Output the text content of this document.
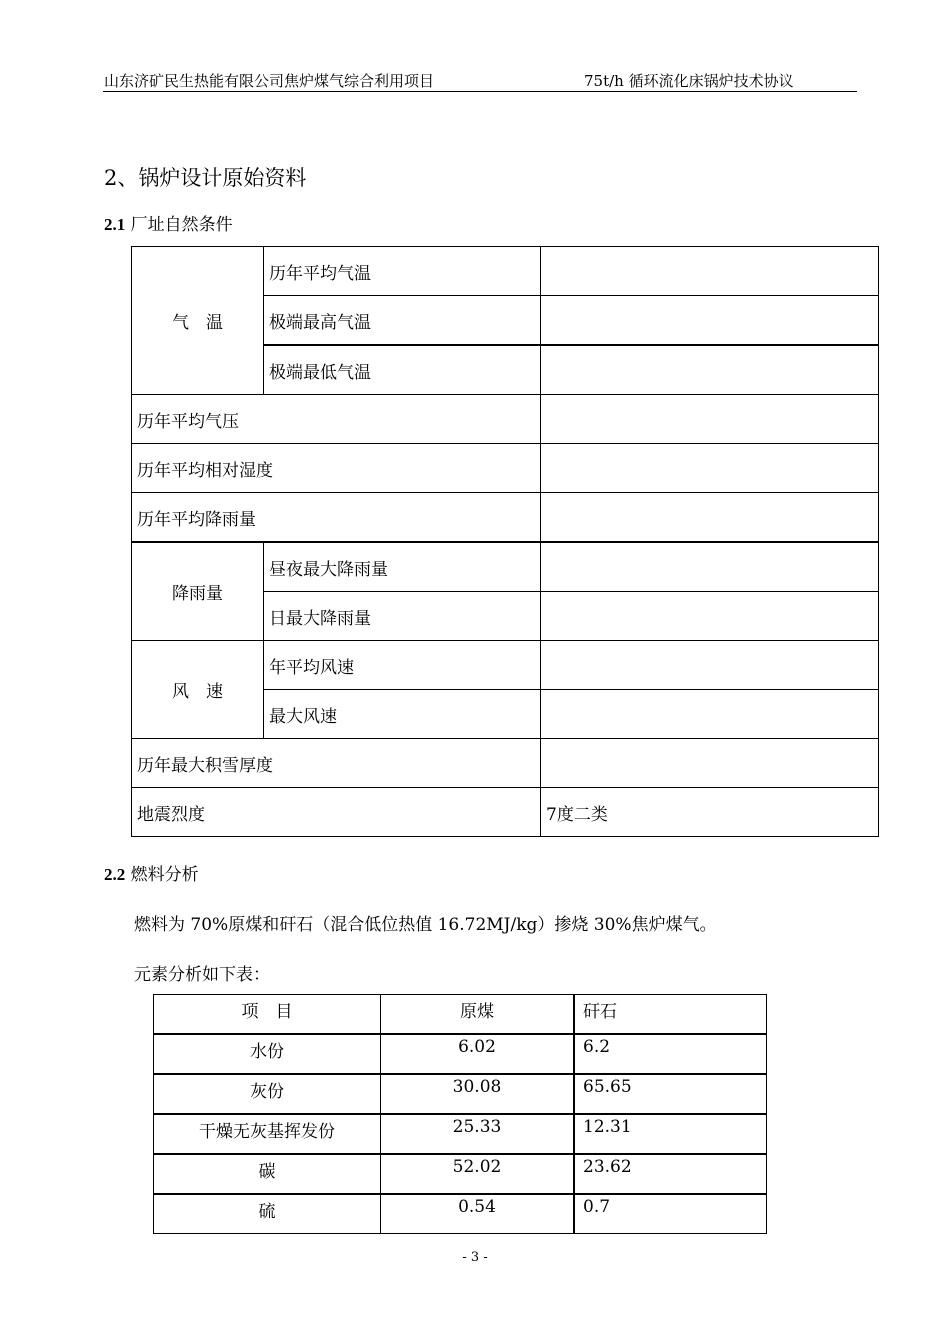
山东济矿民生热能有限公司焦炉煤气综合利用项目	75t/h 循环流化床锅炉技术协议
2、锅炉设计原始资料
2.1 厂址自然条件
气　温	历年平均气温	
	极端最高气温	
	极端最低气温	
历年平均气压		
历年平均相对湿度		
历年平均降雨量		
降雨量	昼夜最大降雨量	
	日最大降雨量	
风　速	年平均风速	
	最大风速	
历年最大积雪厚度		
地震烈度		7度二类
2.2 燃料分析
燃料为 70%原煤和矸石（混合低位热值 16.72MJ/kg）掺烧 30%焦炉煤气。
元素分析如下表：
项　目	原煤	矸石
水份	6.02	6.2
灰份	30.08	65.65
干燥无灰基挥发份	25.33	12.31
碳	52.02	23.62
硫	0.54	0.7
- 3 -
